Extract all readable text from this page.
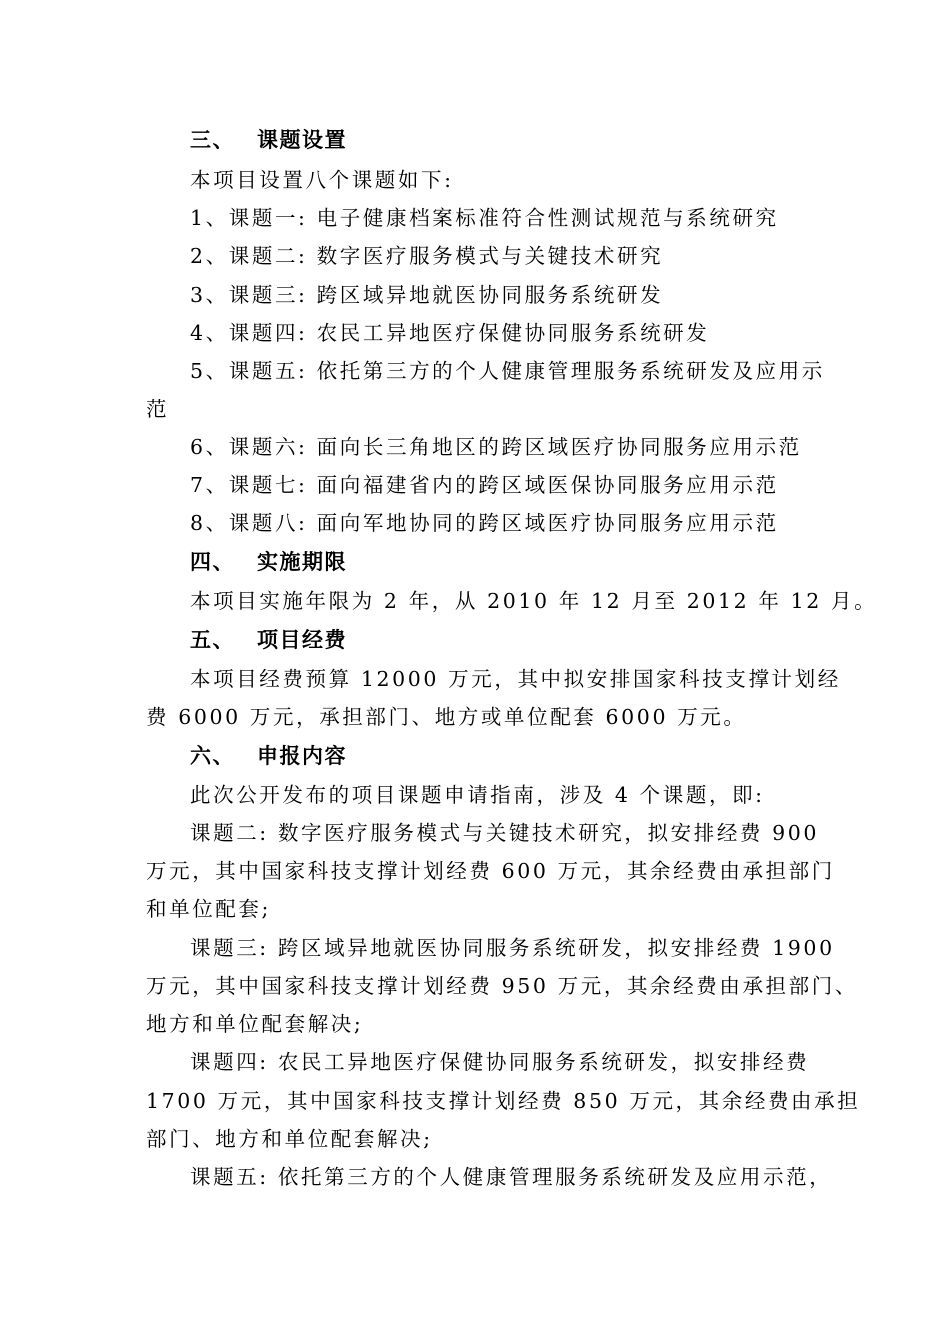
三、 课题设置
本项目设置八个课题如下:
1、课题一: 电子健康档案标准符合性测试规范与系统研究
2、课题二: 数字医疗服务模式与关键技术研究
3、课题三: 跨区域异地就医协同服务系统研发
4、课题四: 农民工异地医疗保健协同服务系统研发
5、课题五: 依托第三方的个人健康管理服务系统研发及应用示
范
6、课题六: 面向长三角地区的跨区域医疗协同服务应用示范
7、课题七: 面向福建省内的跨区域医保协同服务应用示范
8、课题八: 面向军地协同的跨区域医疗协同服务应用示范
四、 实施期限
本项目实施年限为 2 年，从 2010 年 12 月至 2012 年 12 月。
五、 项目经费
本项目经费预算 12000 万元，其中拟安排国家科技支撑计划经
费 6000 万元，承担部门、地方或单位配套 6000 万元。
六、 申报内容
此次公开发布的项目课题申请指南，涉及 4 个课题，即:
课题二: 数字医疗服务模式与关键技术研究，拟安排经费 900
万元，其中国家科技支撑计划经费 600 万元，其余经费由承担部门
和单位配套;
课题三: 跨区域异地就医协同服务系统研发，拟安排经费 1900
万元，其中国家科技支撑计划经费 950 万元，其余经费由承担部门、
地方和单位配套解决;
课题四: 农民工异地医疗保健协同服务系统研发，拟安排经费
1700 万元，其中国家科技支撑计划经费 850 万元，其余经费由承担
部门、地方和单位配套解决;
课题五: 依托第三方的个人健康管理服务系统研发及应用示范，
